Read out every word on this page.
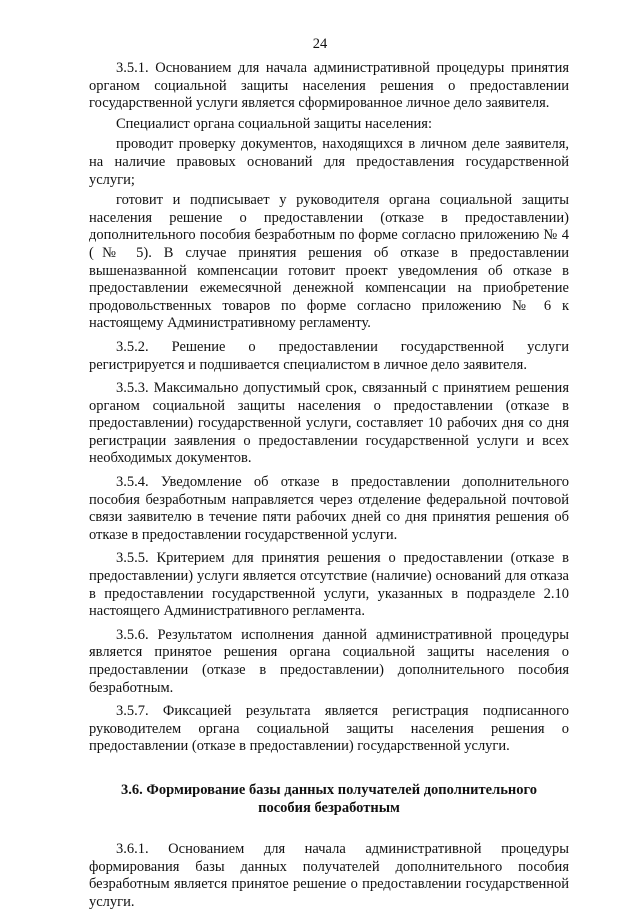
24

3.5.1. Основанием для начала административной процедуры принятия органом социальной защиты населения решения о предоставлении государственной услуги является сформированное личное дело заявителя.

Специалист органа социальной защиты населения:

проводит проверку документов, находящихся в личном деле заявителя, на наличие правовых оснований для предоставления государственной услуги;

готовит и подписывает у руководителя органа социальной защиты населения решение о предоставлении (отказе в предоставлении) дополнительного пособия безработным по форме согласно приложению № 4 (№ 5). В случае принятия решения об отказе в предоставлении вышеназванной компенсации готовит проект уведомления об отказе в предоставлении ежемесячной денежной компенсации на приобретение продовольственных товаров по форме согласно приложению № 6 к настоящему Административному регламенту.

3.5.2. Решение о предоставлении государственной услуги регистрируется и подшивается специалистом в личное дело заявителя.

3.5.3. Максимально допустимый срок, связанный с принятием решения органом социальной защиты населения о предоставлении (отказе в предоставлении) государственной услуги, составляет 10 рабочих дня со дня регистрации заявления о предоставлении государственной услуги и всех необходимых документов.

3.5.4. Уведомление об отказе в предоставлении дополнительного пособия безработным направляется через отделение федеральной почтовой связи заявителю в течение пяти рабочих дней со дня принятия решения об отказе в предоставлении государственной услуги.

3.5.5. Критерием для принятия решения о предоставлении (отказе в предоставлении) услуги является отсутствие (наличие) оснований для отказа в предоставлении государственной услуги, указанных в подразделе 2.10 настоящего Административного регламента.

3.5.6. Результатом исполнения данной административной процедуры является принятое решения органа социальной защиты населения о предоставлении (отказе в предоставлении) дополнительного пособия безработным.

3.5.7. Фиксацией результата является регистрация подписанного руководителем органа социальной защиты населения решения о предоставлении (отказе в предоставлении) государственной услуги.

3.6. Формирование базы данных получателей дополнительного
пособия безработным

3.6.1. Основанием для начала административной процедуры формирования базы данных получателей дополнительного пособия безработным является принятое решение о предоставлении государственной услуги.
